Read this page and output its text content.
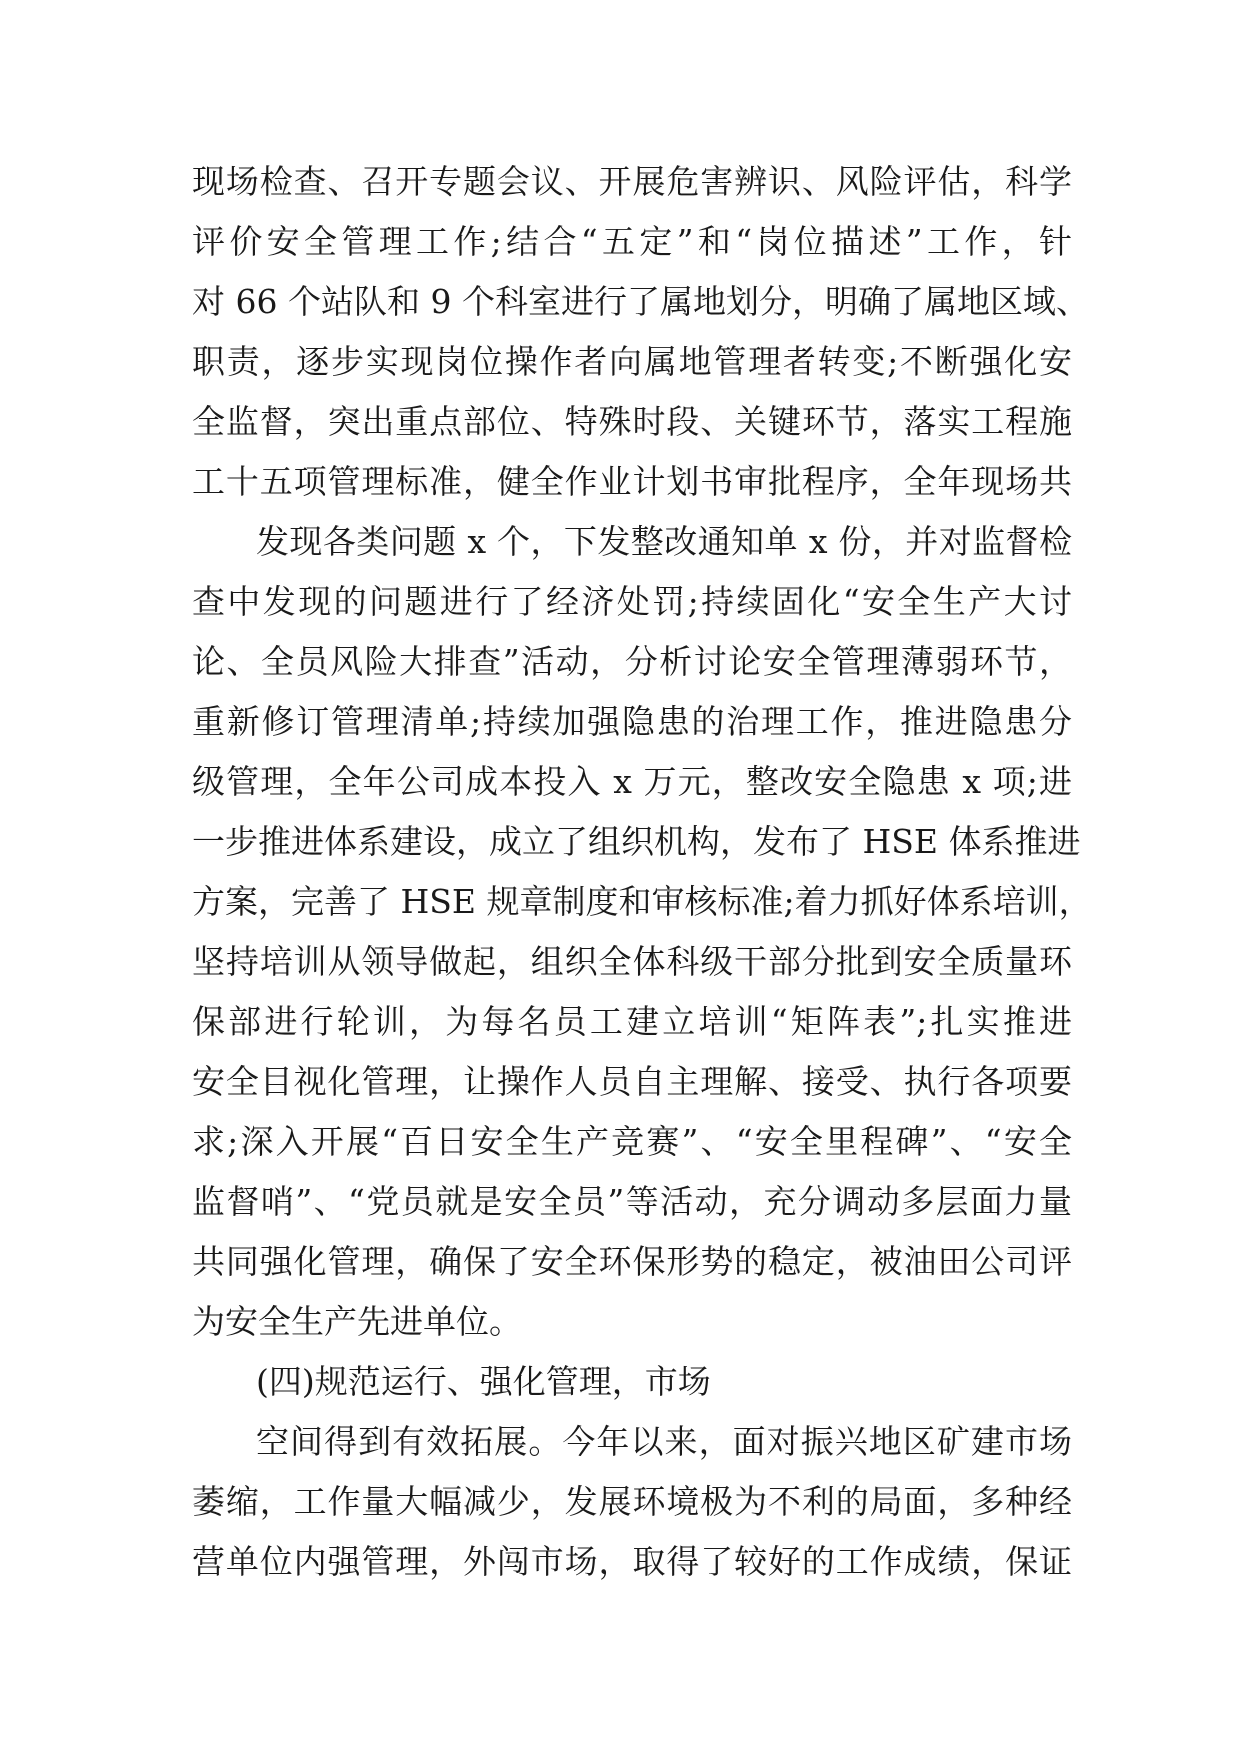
现场检查、召开专题会议、开展危害辨识、风险评估，科学
评价安全管理工作;结合“五定”和“岗位描述”工作，针
对 66 个站队和 9 个科室进行了属地划分，明确了属地区域、
职责，逐步实现岗位操作者向属地管理者转变;不断强化安
全监督，突出重点部位、特殊时段、关键环节，落实工程施
工十五项管理标准，健全作业计划书审批程序，全年现场共
发现各类问题 x 个，下发整改通知单 x 份，并对监督检
查中发现的问题进行了经济处罚;持续固化“安全生产大讨
论、全员风险大排查”活动，分析讨论安全管理薄弱环节，
重新修订管理清单;持续加强隐患的治理工作，推进隐患分
级管理，全年公司成本投入 x 万元，整改安全隐患 x 项;进
一步推进体系建设，成立了组织机构，发布了 HSE 体系推进
方案，完善了 HSE 规章制度和审核标准;着力抓好体系培训，
坚持培训从领导做起，组织全体科级干部分批到安全质量环
保部进行轮训，为每名员工建立培训“矩阵表”;扎实推进
安全目视化管理，让操作人员自主理解、接受、执行各项要
求;深入开展“百日安全生产竞赛”、“安全里程碑”、“安全
监督哨”、“党员就是安全员”等活动，充分调动多层面力量
共同强化管理，确保了安全环保形势的稳定，被油田公司评
为安全生产先进单位。
(四)规范运行、强化管理，市场
空间得到有效拓展。今年以来，面对振兴地区矿建市场
萎缩，工作量大幅减少，发展环境极为不利的局面，多种经
营单位内强管理，外闯市场，取得了较好的工作成绩，保证
